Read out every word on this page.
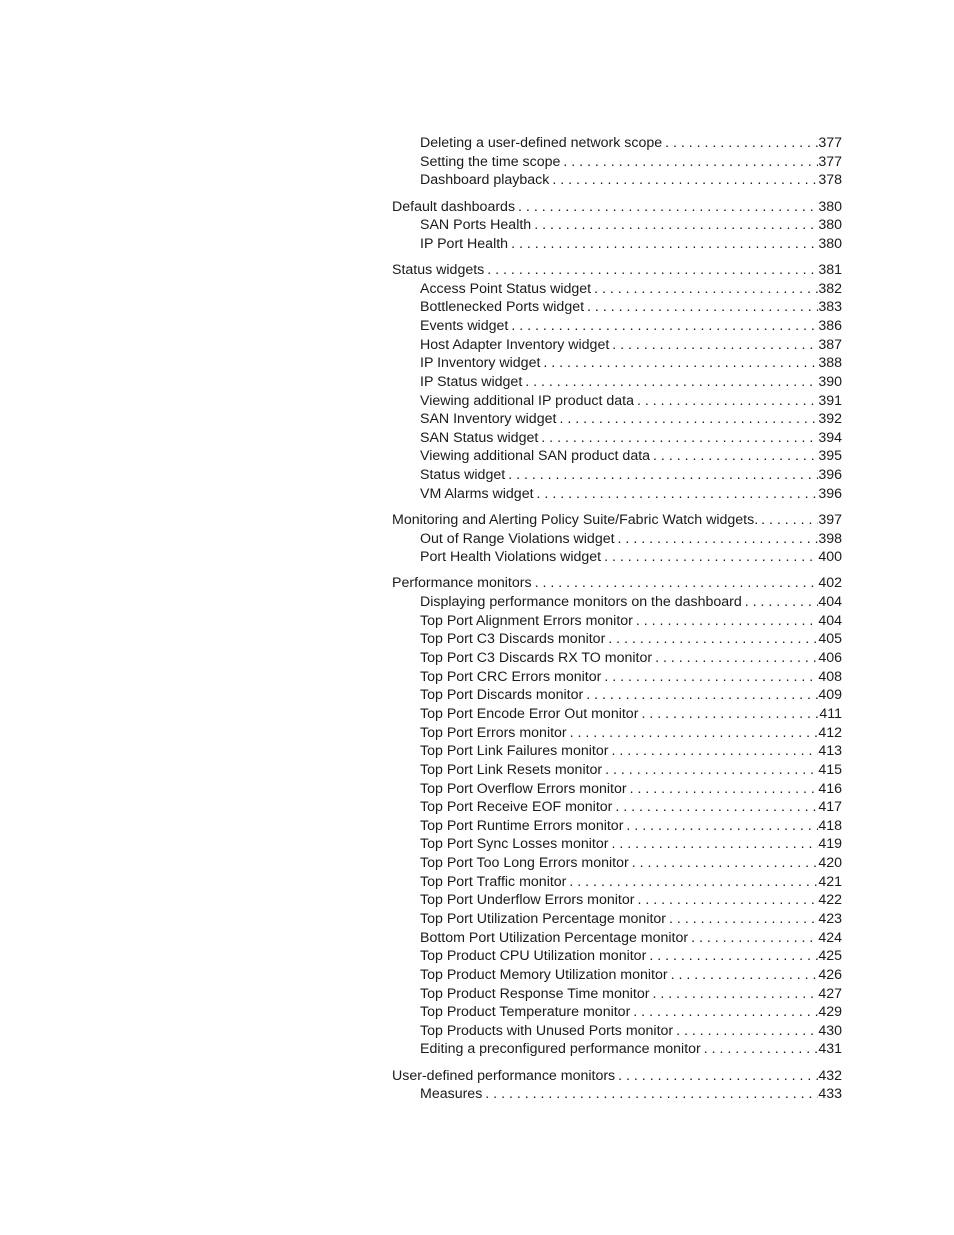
Deleting a user-defined network scope . . .	377
Setting the time scope . . .	377
Dashboard playback . . .	378
Default dashboards . . .	380
SAN Ports Health . . .	380
IP Port Health . . .	380
Status widgets . . .	381
Access Point Status widget . . .	382
Bottlenecked Ports widget . . .	383
Events widget . . .	386
Host Adapter Inventory widget . . .	387
IP Inventory widget . . .	388
IP Status widget . . .	390
Viewing additional IP product data . . .	391
SAN Inventory widget . . .	392
SAN Status widget . . .	394
Viewing additional SAN product data . . .	395
Status widget . . .	396
VM Alarms widget . . .	396
Monitoring and Alerting Policy Suite/Fabric Watch widgets. . . .	397
Out of Range Violations widget . . .	398
Port Health Violations widget . . .	400
Performance monitors . . .	402
Displaying performance monitors on the dashboard . . .	404
Top Port Alignment Errors monitor . . .	404
Top Port C3 Discards monitor . . .	405
Top Port C3 Discards RX TO monitor . . .	406
Top Port CRC Errors monitor . . .	408
Top Port Discards monitor . . .	409
Top Port Encode Error Out monitor . . .	411
Top Port Errors monitor . . .	412
Top Port Link Failures monitor . . .	413
Top Port Link Resets monitor . . .	415
Top Port Overflow Errors monitor . . .	416
Top Port Receive EOF monitor . . .	417
Top Port Runtime Errors monitor . . .	418
Top Port Sync Losses monitor . . .	419
Top Port Too Long Errors monitor . . .	420
Top Port Traffic monitor . . .	421
Top Port Underflow Errors monitor . . .	422
Top Port Utilization Percentage monitor . . .	423
Bottom Port Utilization Percentage monitor . . .	424
Top Product CPU Utilization monitor . . .	425
Top Product Memory Utilization monitor . . .	426
Top Product Response Time monitor . . .	427
Top Product Temperature monitor . . .	429
Top Products with Unused Ports monitor . . .	430
Editing a preconfigured performance monitor . . .	431
User-defined performance monitors . . .	432
Measures . . .	433
